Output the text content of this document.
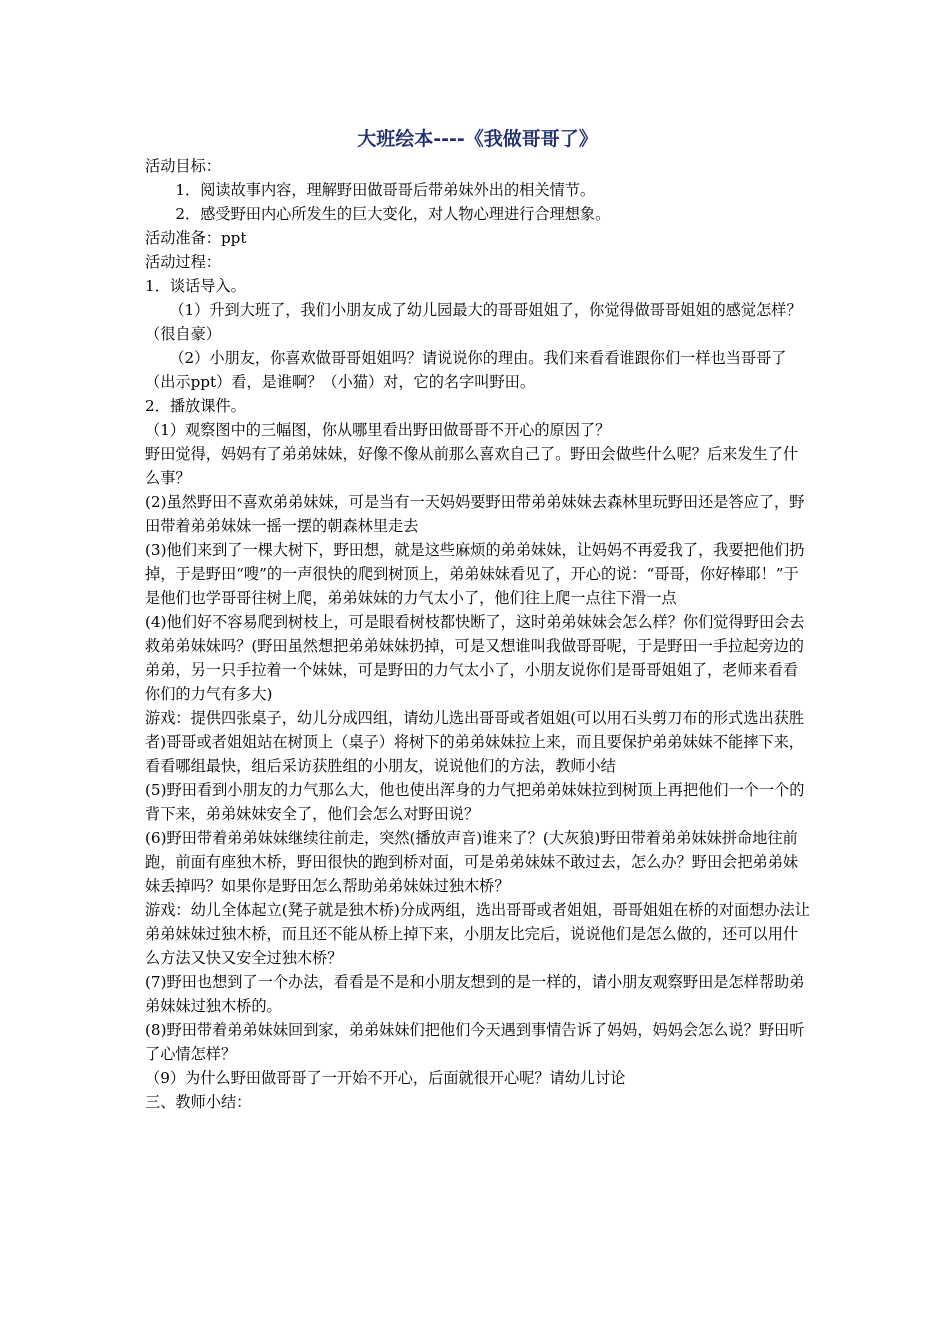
大班绘本----《我做哥哥了》

活动目标：

1．阅读故事内容，理解野田做哥哥后带弟妹外出的相关情节。

2．感受野田内心所发生的巨大变化，对人物心理进行合理想象。

活动准备：ppt

活动过程：

1．谈话导入。

（1）升到大班了，我们小朋友成了幼儿园最大的哥哥姐姐了，你觉得做哥哥姐姐的感觉怎样？（很自豪）

（2）小朋友，你喜欢做哥哥姐姐吗？请说说你的理由。我们来看看谁跟你们一样也当哥哥了（出示ppt）看，是谁啊？（小猫）对，它的名字叫野田。

2．播放课件。

（1）观察图中的三幅图，你从哪里看出野田做哥哥不开心的原因了？

野田觉得，妈妈有了弟弟妹妹，好像不像从前那么喜欢自己了。野田会做些什么呢？后来发生了什么事？

(2)虽然野田不喜欢弟弟妹妹，可是当有一天妈妈要野田带弟弟妹妹去森林里玩野田还是答应了，野田带着弟弟妹妹一摇一摆的朝森林里走去

(3)他们来到了一棵大树下，野田想，就是这些麻烦的弟弟妹妹，让妈妈不再爱我了，我要把他们扔掉，于是野田“嗖”的一声很快的爬到树顶上，弟弟妹妹看见了，开心的说：“哥哥，你好棒耶！”于是他们也学哥哥往树上爬，弟弟妹妹的力气太小了，他们往上爬一点往下滑一点

(4)他们好不容易爬到树枝上，可是眼看树枝都快断了，这时弟弟妹妹会怎么样？你们觉得野田会去救弟弟妹妹吗？(野田虽然想把弟弟妹妹扔掉，可是又想谁叫我做哥哥呢，于是野田一手拉起旁边的弟弟，另一只手拉着一个妹妹，可是野田的力气太小了，小朋友说你们是哥哥姐姐了，老师来看看你们的力气有多大)

游戏：提供四张桌子，幼儿分成四组，请幼儿选出哥哥或者姐姐(可以用石头剪刀布的形式选出获胜者)哥哥或者姐姐站在树顶上（桌子）将树下的弟弟妹妹拉上来，而且要保护弟弟妹妹不能摔下来，看看哪组最快，组后采访获胜组的小朋友，说说他们的方法，教师小结

(5)野田看到小朋友的力气那么大，他也使出浑身的力气把弟弟妹妹拉到树顶上再把他们一个一个的背下来，弟弟妹妹安全了，他们会怎么对野田说？

(6)野田带着弟弟妹妹继续往前走，突然(播放声音)谁来了？(大灰狼)野田带着弟弟妹妹拼命地往前跑，前面有座独木桥，野田很快的跑到桥对面，可是弟弟妹妹不敢过去，怎么办？野田会把弟弟妹妹丢掉吗？如果你是野田怎么帮助弟弟妹妹过独木桥？

游戏：幼儿全体起立(凳子就是独木桥)分成两组，选出哥哥或者姐姐，哥哥姐姐在桥的对面想办法让弟弟妹妹过独木桥，而且还不能从桥上掉下来，小朋友比完后，说说他们是怎么做的，还可以用什么方法又快又安全过独木桥？

(7)野田也想到了一个办法，看看是不是和小朋友想到的是一样的，请小朋友观察野田是怎样帮助弟弟妹妹过独木桥的。

(8)野田带着弟弟妹妹回到家，弟弟妹妹们把他们今天遇到事情告诉了妈妈，妈妈会怎么说？野田听了心情怎样？

（9）为什么野田做哥哥了一开始不开心，后面就很开心呢？请幼儿讨论

三、教师小结：
